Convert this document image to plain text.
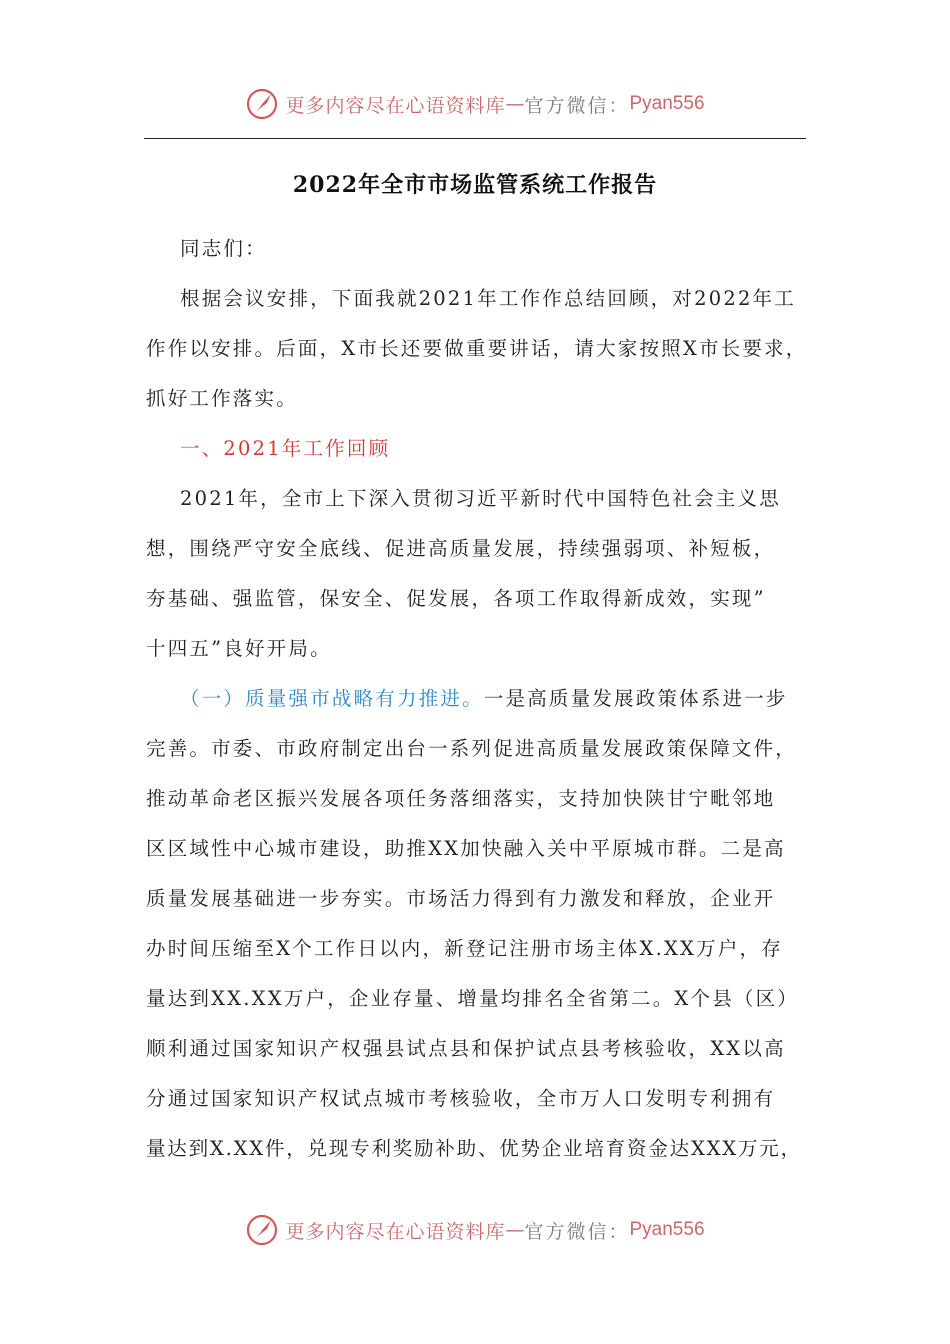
更多内容尽在心语资料库 — 官方微信： Pyan556
2022年全市市场监管系统工作报告
同志们：
根据会议安排，下面我就2021年工作作总结回顾，对2022年工
作作以安排。后面，X市长还要做重要讲话，请大家按照X市长要求，
抓好工作落实。
一、2021年工作回顾
2021年，全市上下深入贯彻习近平新时代中国特色社会主义思
想，围绕严守安全底线、促进高质量发展，持续强弱项、补短板，
夯基础、强监管，保安全、促发展，各项工作取得新成效，实现”
十四五”良好开局。
（一）质量强市战略有力推进。一是高质量发展政策体系进一步
完善。市委、市政府制定出台一系列促进高质量发展政策保障文件，
推动革命老区振兴发展各项任务落细落实，支持加快陕甘宁毗邻地
区区域性中心城市建设，助推XX加快融入关中平原城市群。二是高
质量发展基础进一步夯实。市场活力得到有力激发和释放，企业开
办时间压缩至X个工作日以内，新登记注册市场主体X.XX万户，存
量达到XX.XX万户，企业存量、增量均排名全省第二。X个县（区）
顺利通过国家知识产权强县试点县和保护试点县考核验收，XX以高
分通过国家知识产权试点城市考核验收，全市万人口发明专利拥有
量达到X.XX件，兑现专利奖励补助、优势企业培育资金达XXX万元，
更多内容尽在心语资料库 — 官方微信： Pyan556
